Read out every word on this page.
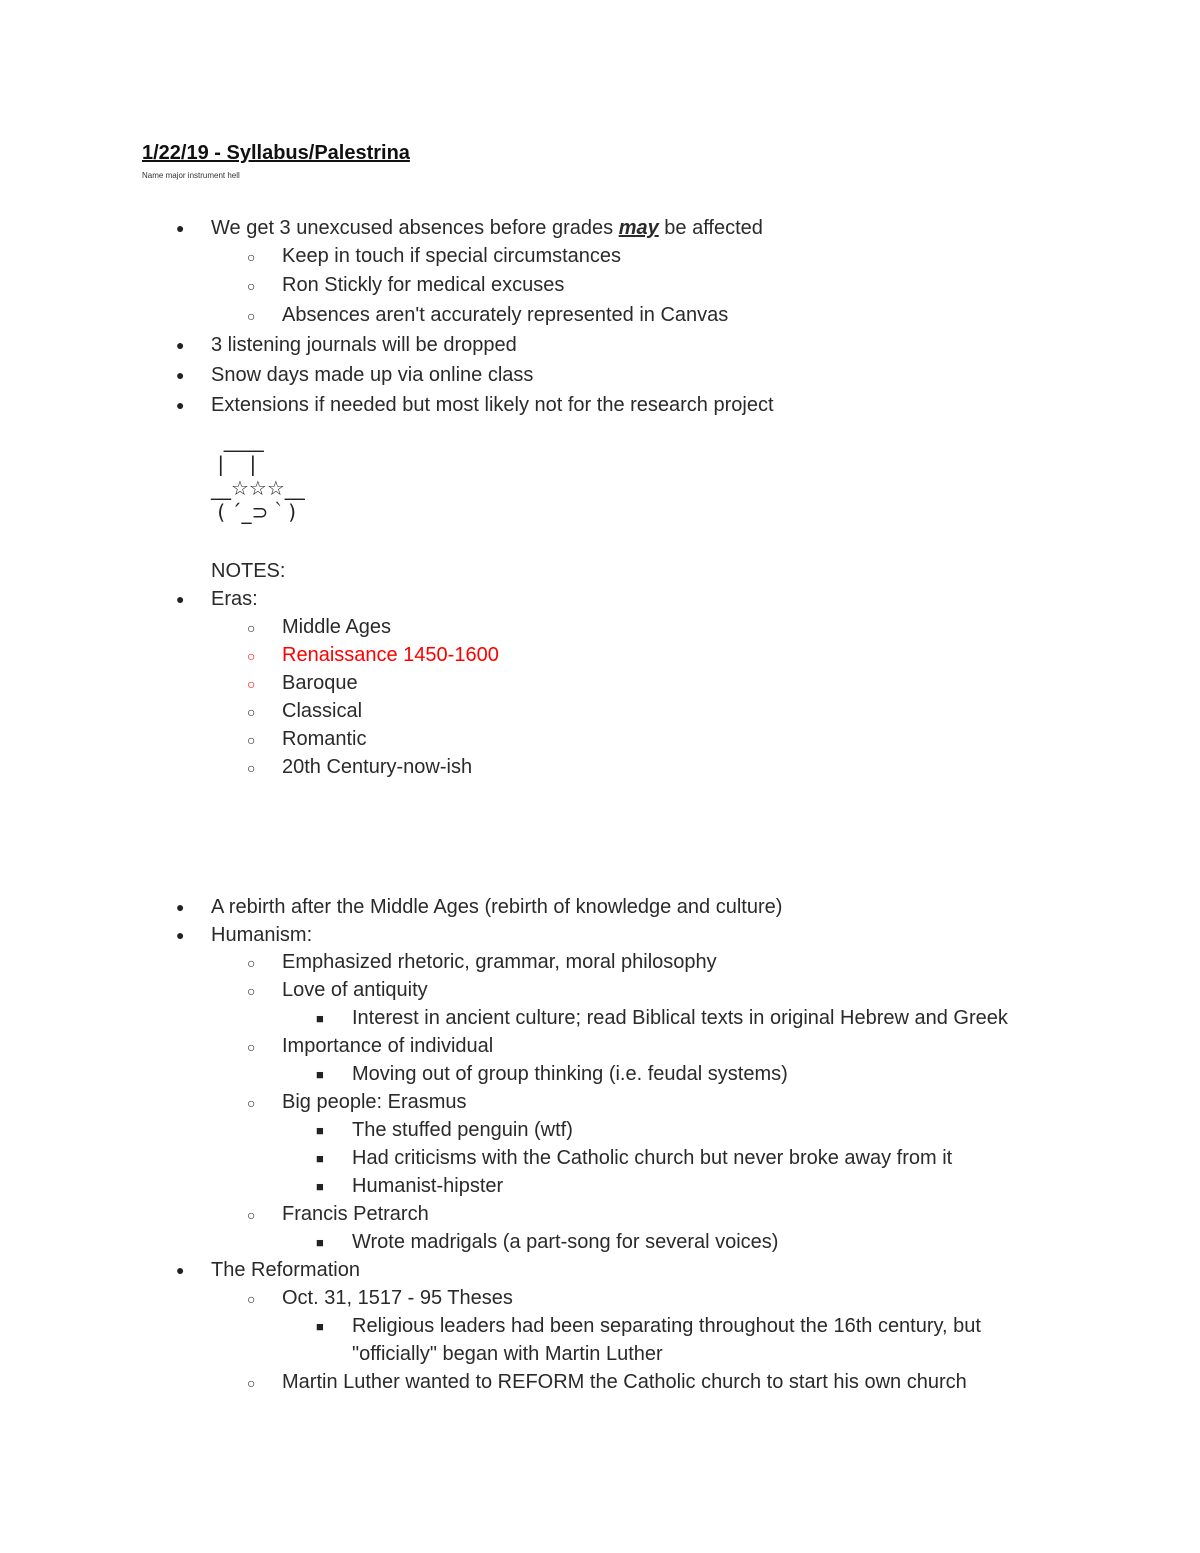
1/22/19 - Syllabus/Palestrina
Name major instrument hell
● We get 3 unexcused absences before grades may be affected
○ Keep in touch if special circumstances
○ Ron Stickly for medical excuses
○ Absences aren't accurately represented in Canvas
● 3 listening journals will be dropped
● Snow days made up via online class
● Extensions if needed but most likely not for the research project
____
|    |
__☆☆☆__
( ´_⊃｀)
NOTES:
● Eras:
○ Middle Ages
○ Renaissance 1450-1600
○ Baroque
○ Classical
○ Romantic
○ 20th Century-now-ish
● A rebirth after the Middle Ages (rebirth of knowledge and culture)
● Humanism:
○ Emphasized rhetoric, grammar, moral philosophy
○ Love of antiquity
■ Interest in ancient culture; read Biblical texts in original Hebrew and Greek
○ Importance of individual
■ Moving out of group thinking (i.e. feudal systems)
○ Big people: Erasmus
■ The stuffed penguin (wtf)
■ Had criticisms with the Catholic church but never broke away from it
■ Humanist-hipster
○ Francis Petrarch
■ Wrote madrigals (a part-song for several voices)
● The Reformation
○ Oct. 31, 1517 - 95 Theses
■ Religious leaders had been separating throughout the 16th century, but
"officially" began with Martin Luther
○ Martin Luther wanted to REFORM the Catholic church to start his own church
